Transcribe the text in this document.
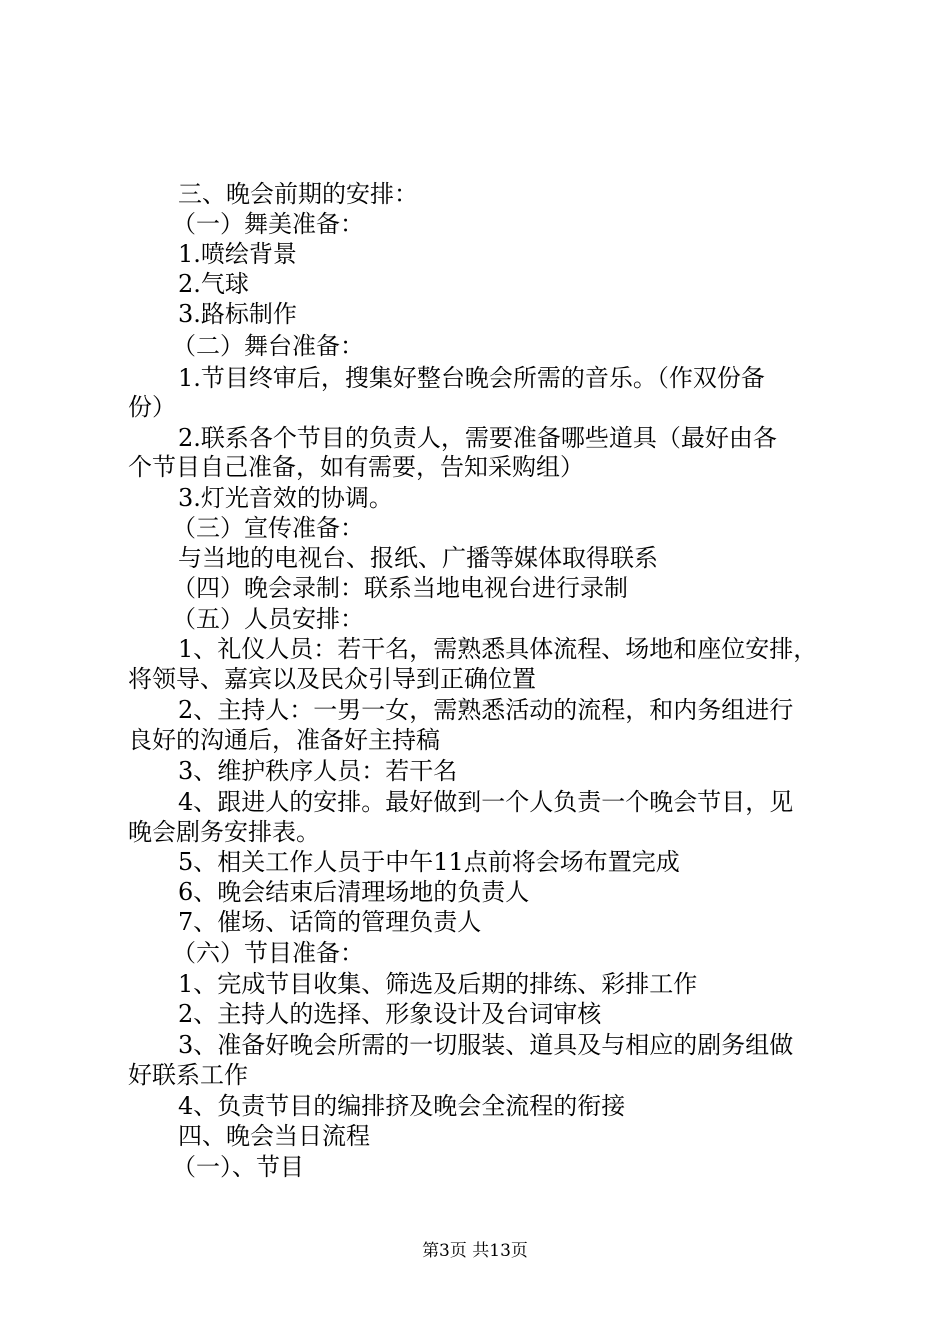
三、晚会前期的安排：
（一）舞美准备：
1.喷绘背景
2.气球
3.路标制作
（二）舞台准备：
1.节目终审后，搜集好整台晚会所需的音乐。（作双份备
份）
2.联系各个节目的负责人，需要准备哪些道具（最好由各
个节目自己准备，如有需要，告知采购组）
3.灯光音效的协调。
（三）宣传准备：
与当地的电视台、报纸、广播等媒体取得联系
（四）晚会录制：联系当地电视台进行录制
（五）人员安排：
1、礼仪人员：若干名，需熟悉具体流程、场地和座位安排，
将领导、嘉宾以及民众引导到正确位置
2、主持人：一男一女，需熟悉活动的流程，和内务组进行
良好的沟通后，准备好主持稿
3、维护秩序人员：若干名
4、跟进人的安排。最好做到一个人负责一个晚会节目，见
晚会剧务安排表。
5、相关工作人员于中午11点前将会场布置完成
6、晚会结束后清理场地的负责人
7、催场、话筒的管理负责人
（六）节目准备：
1、完成节目收集、筛选及后期的排练、彩排工作
2、主持人的选择、形象设计及台词审核
3、准备好晚会所需的一切服装、道具及与相应的剧务组做
好联系工作
4、负责节目的编排挤及晚会全流程的衔接
四、晚会当日流程
（一）、节目
第3页 共13页
